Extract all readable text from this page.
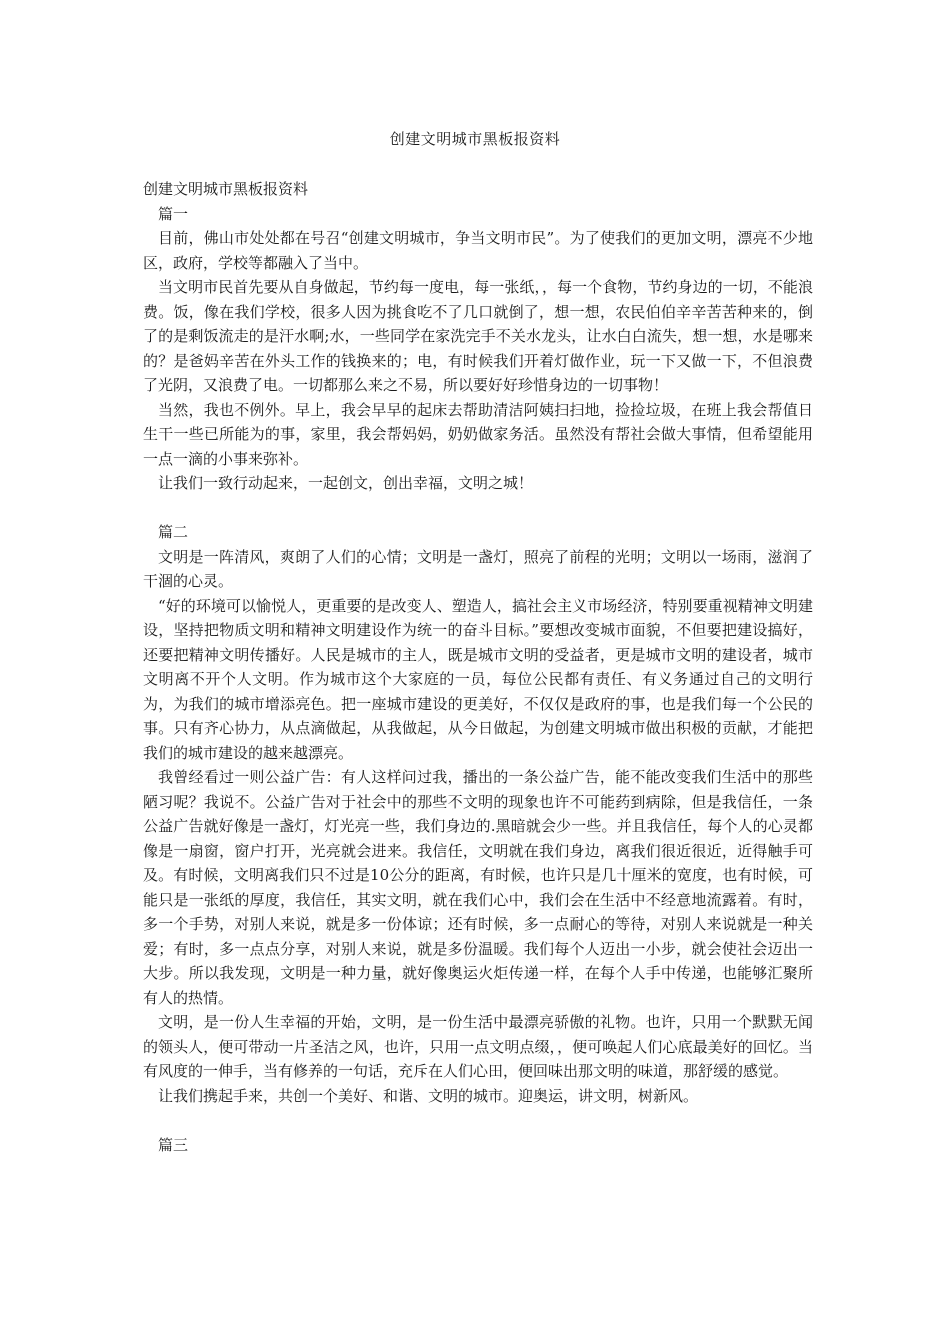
创建文明城市黑板报资料

创建文明城市黑板报资料

篇一

目前，佛山市处处都在号召“创建文明城市，争当文明市民”。为了使我们的更加文明，漂亮不少地区，政府，学校等都融入了当中。

当文明市民首先要从自身做起，节约每一度电，每一张纸，，每一个食物，节约身边的一切，不能浪费。饭，像在我们学校，很多人因为挑食吃不了几口就倒了，想一想，农民伯伯辛辛苦苦种来的，倒了的是剩饭流走的是汗水啊;水，一些同学在家洗完手不关水龙头，让水白白流失，想一想，水是哪来的？是爸妈辛苦在外头工作的钱换来的；电，有时候我们开着灯做作业，玩一下又做一下，不但浪费了光阴，又浪费了电。一切都那么来之不易，所以要好好珍惜身边的一切事物！

当然，我也不例外。早上，我会早早的起床去帮助清洁阿姨扫扫地，捡捡垃圾，在班上我会帮值日生干一些已所能为的事，家里，我会帮妈妈，奶奶做家务活。虽然没有帮社会做大事情，但希望能用一点一滴的小事来弥补。

让我们一致行动起来，一起创文，创出幸福，文明之城！

篇二

文明是一阵清风，爽朗了人们的心情；文明是一盏灯，照亮了前程的光明；文明以一场雨，滋润了干涸的心灵。

“好的环境可以愉悦人，更重要的是改变人、塑造人，搞社会主义市场经济，特别要重视精神文明建设，坚持把物质文明和精神文明建设作为统一的奋斗目标。”要想改变城市面貌，不但要把建设搞好，还要把精神文明传播好。人民是城市的主人，既是城市文明的受益者，更是城市文明的建设者，城市文明离不开个人文明。作为城市这个大家庭的一员，每位公民都有责任、有义务通过自己的文明行为，为我们的城市增添亮色。把一座城市建设的更美好，不仅仅是政府的事，也是我们每一个公民的事。只有齐心协力，从点滴做起，从我做起，从今日做起，为创建文明城市做出积极的贡献，才能把我们的城市建设的越来越漂亮。

我曾经看过一则公益广告：有人这样问过我，播出的一条公益广告，能不能改变我们生活中的那些陋习呢？我说不。公益广告对于社会中的那些不文明的现象也许不可能药到病除，但是我信任，一条公益广告就好像是一盏灯，灯光亮一些，我们身边的.黑暗就会少一些。并且我信任，每个人的心灵都像是一扇窗，窗户打开，光亮就会进来。我信任，文明就在我们身边，离我们很近很近，近得触手可及。有时候，文明离我们只不过是10公分的距离，有时候，也许只是几十厘米的宽度，也有时候，可能只是一张纸的厚度，我信任，其实文明，就在我们心中，我们会在生活中不经意地流露着。有时，多一个手势，对别人来说，就是多一份体谅；还有时候，多一点耐心的等待，对别人来说就是一种关爱；有时，多一点点分享，对别人来说，就是多份温暖。我们每个人迈出一小步，就会使社会迈出一大步。所以我发现，文明是一种力量，就好像奥运火炬传递一样，在每个人手中传递，也能够汇聚所有人的热情。

文明，是一份人生幸福的开始，文明，是一份生活中最漂亮骄傲的礼物。也许，只用一个默默无闻的领头人，便可带动一片圣洁之风，也许，只用一点文明点缀，，便可唤起人们心底最美好的回忆。当有风度的一伸手，当有修养的一句话，充斥在人们心田，便回味出那文明的味道，那舒缓的感觉。

让我们携起手来，共创一个美好、和谐、文明的城市。迎奥运，讲文明，树新风。

篇三
